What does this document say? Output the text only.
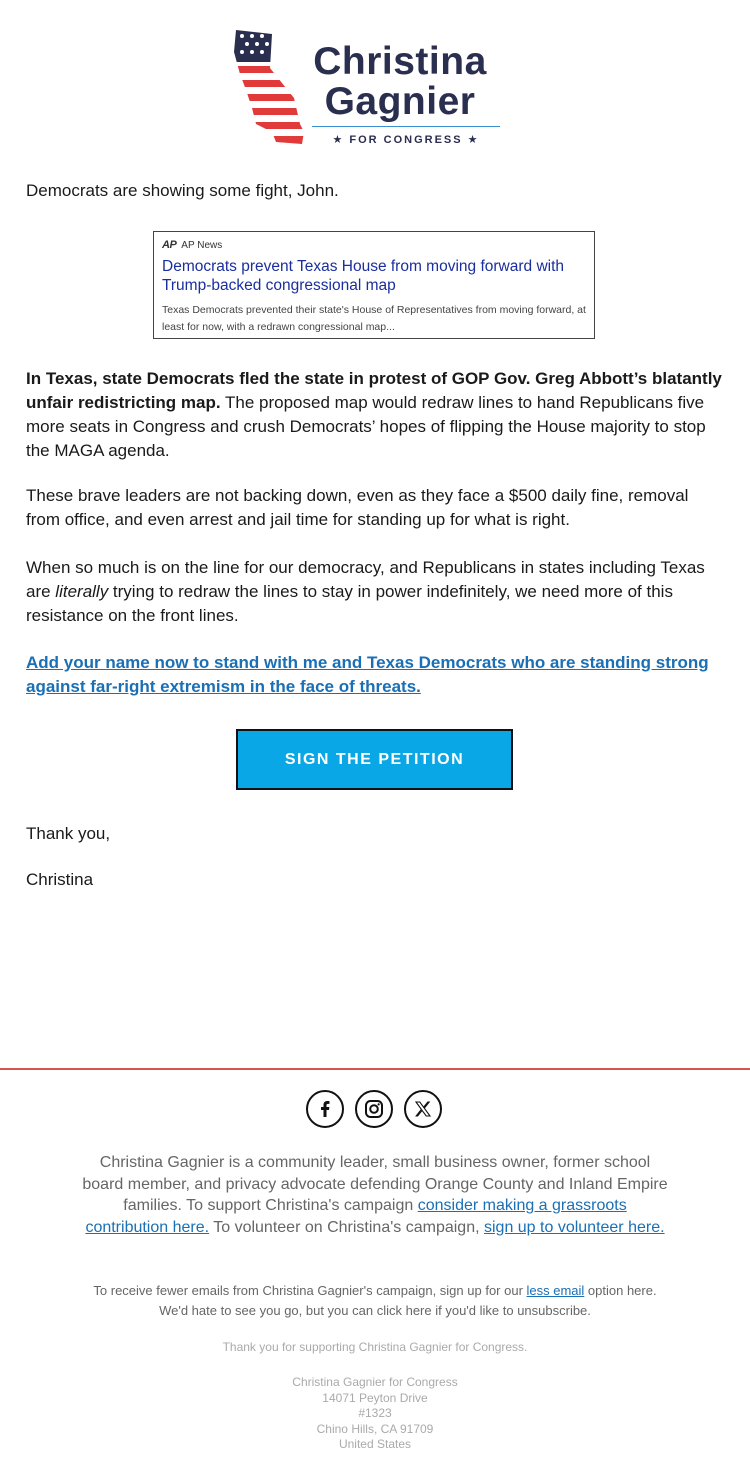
Christina
Gagnier
★ FOR CONGRESS ★
Democrats are showing some fight, John.
AP AP News
Democrats prevent Texas House from moving forward with Trump-backed congressional map
Texas Democrats prevented their state's House of Representatives from moving forward, at least for now, with a redrawn congressional map...
In Texas, state Democrats fled the state in protest of GOP Gov. Greg Abbott’s blatantly unfair redistricting map. The proposed map would redraw lines to hand Republicans five more seats in Congress and crush Democrats’ hopes of flipping the House majority to stop the MAGA agenda.
These brave leaders are not backing down, even as they face a $500 daily fine, removal from office, and even arrest and jail time for standing up for what is right.
When so much is on the line for our democracy, and Republicans in states including Texas are literally trying to redraw the lines to stay in power indefinitely, we need more of this resistance on the front lines.
Add your name now to stand with me and Texas Democrats who are standing strong against far-right extremism in the face of threats.
SIGN THE PETITION
Thank you,
Christina
Christina Gagnier is a community leader, small business owner, former school board member, and privacy advocate defending Orange County and Inland Empire families. To support Christina's campaign consider making a grassroots contribution here. To volunteer on Christina's campaign, sign up to volunteer here.
To receive fewer emails from Christina Gagnier's campaign, sign up for our less email option here. We'd hate to see you go, but you can click here if you'd like to unsubscribe.
Thank you for supporting Christina Gagnier for Congress.
Christina Gagnier for Congress
14071 Peyton Drive
#1323
Chino Hills, CA 91709
United States
